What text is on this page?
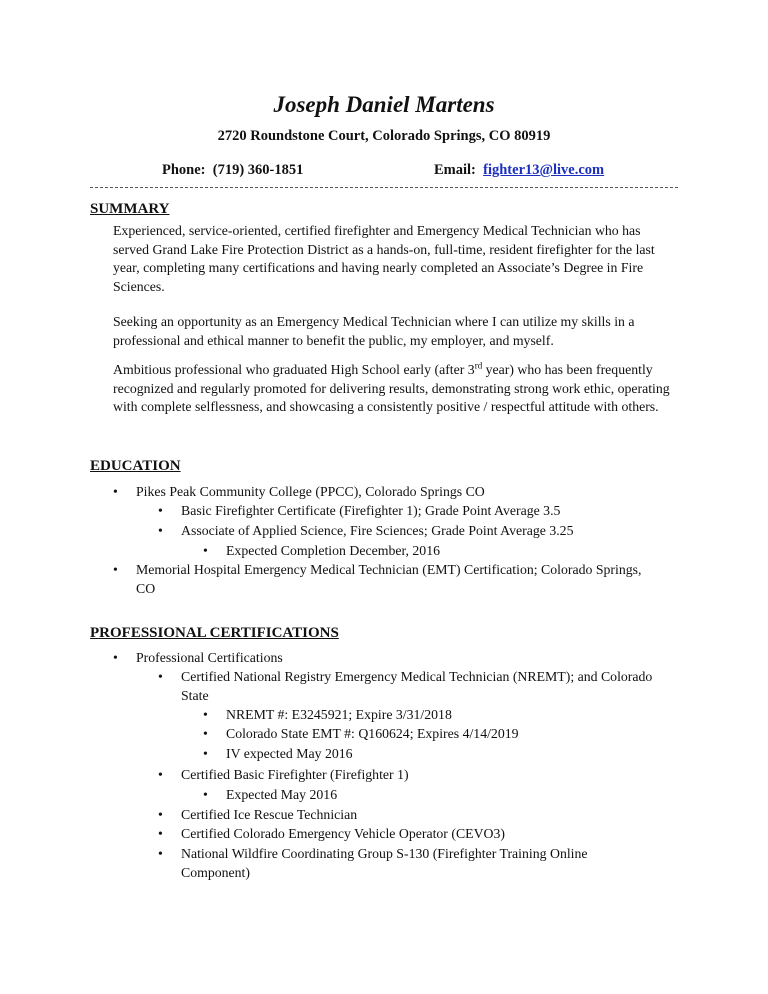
Joseph Daniel Martens
2720 Roundstone Court, Colorado Springs, CO 80919
Phone: (719) 360-1851	Email: fighter13@live.com
SUMMARY
Experienced, service-oriented, certified firefighter and Emergency Medical Technician who has served Grand Lake Fire Protection District as a hands-on, full-time, resident firefighter for the last year, completing many certifications and having nearly completed an Associate’s Degree in Fire Sciences.
Seeking an opportunity as an Emergency Medical Technician where I can utilize my skills in a professional and ethical manner to benefit the public, my employer, and myself.
Ambitious professional who graduated High School early (after 3rd year) who has been frequently recognized and regularly promoted for delivering results, demonstrating strong work ethic, operating with complete selflessness, and showcasing a consistently positive / respectful attitude with others.
EDUCATION
• Pikes Peak Community College (PPCC), Colorado Springs CO
• Basic Firefighter Certificate (Firefighter 1); Grade Point Average 3.5
• Associate of Applied Science, Fire Sciences; Grade Point Average 3.25
• Expected Completion December, 2016
• Memorial Hospital Emergency Medical Technician (EMT) Certification; Colorado Springs, CO
PROFESSIONAL CERTIFICATIONS
• Professional Certifications
• Certified National Registry Emergency Medical Technician (NREMT); and Colorado State
• NREMT #: E3245921; Expire 3/31/2018
• Colorado State EMT #: Q160624; Expires 4/14/2019
• IV expected May 2016
• Certified Basic Firefighter (Firefighter 1)
• Expected May 2016
• Certified Ice Rescue Technician
• Certified Colorado Emergency Vehicle Operator (CEVO3)
• National Wildfire Coordinating Group S-130 (Firefighter Training Online Component)
